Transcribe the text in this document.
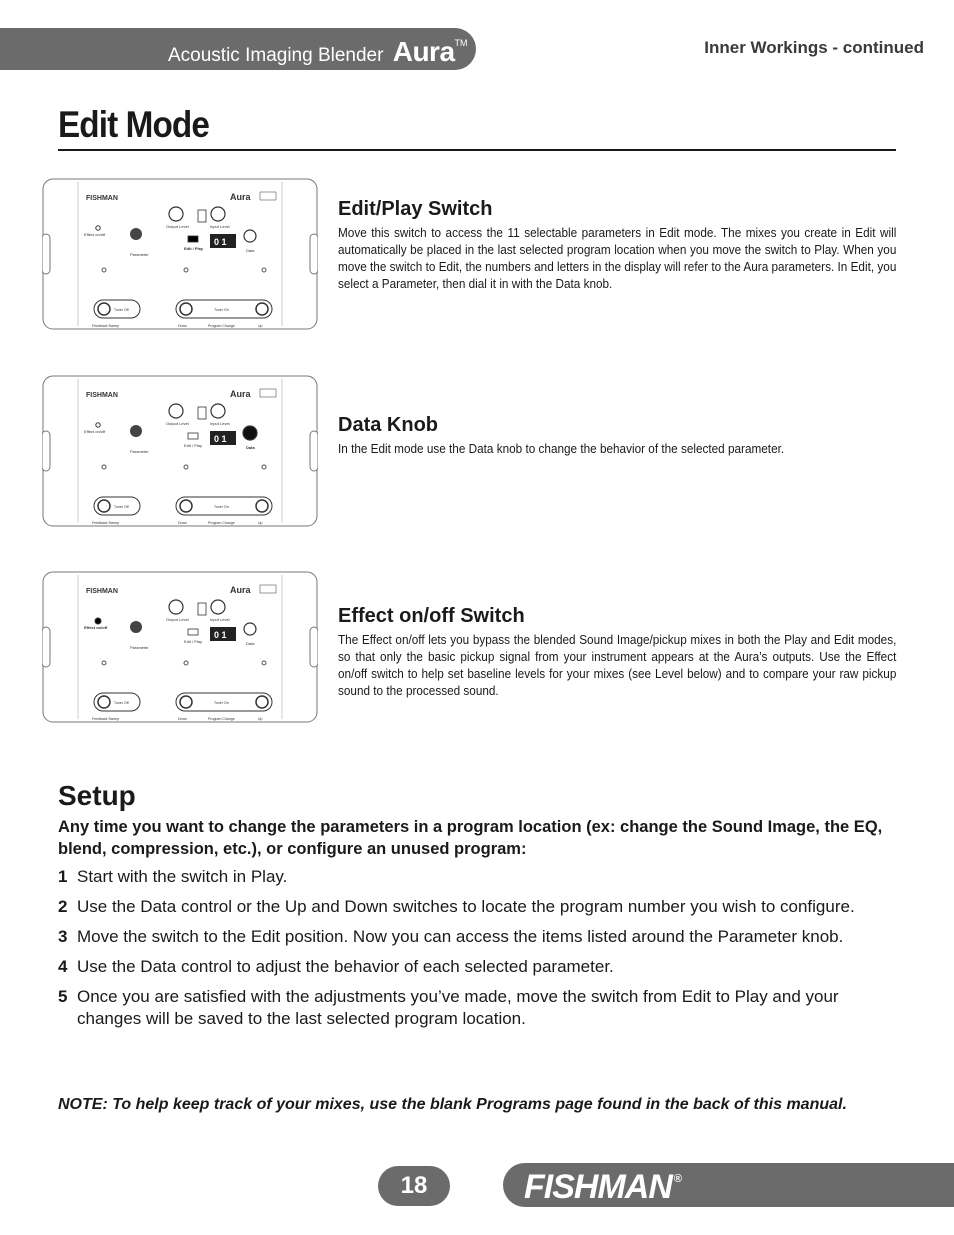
Acoustic Imaging Blender Aura™	Inner Workings - continued
Edit Mode
FISHMAN	Aura
Effect on/off
Parameter
Output Level
Edit / Play
0 1
Input Level
Data
Tuner Off	Tuner On
Feedback Sweep	Down	Program Change	Up
FISHMAN	Aura
Effect on/off
Parameter
Output Level
Edit / Play
0 1
Input Level
Data
Tuner Off	Tuner On
Feedback Sweep	Down	Program Change	Up
FISHMAN	Aura
Effect on/off
Parameter
Output Level
Edit / Play
0 1
Input Level
Data
Tuner Off	Tuner On
Feedback Sweep	Down	Program Change	Up
Edit/Play Switch

Move this switch to access the 11 selectable parameters in Edit mode. The mixes you create in Edit will automatically be placed in the last selected program location when you move the switch to Play. When you move the switch to Edit, the numbers and letters in the display will refer to the Aura parameters. In Edit, you select a Parameter, then dial it in with the Data knob.

Data Knob

In the Edit mode use the Data knob to change the behavior of the selected parameter.

Effect on/off Switch

The Effect on/off lets you bypass the blended Sound Image/pickup mixes in both the Play and Edit modes, so that only the basic pickup signal from your instrument appears at the Aura’s outputs. Use the Effect on/off switch to help set baseline levels for your mixes (see Level below) and to compare your raw pickup sound to the processed sound.

Setup
Any time you want to change the parameters in a program location (ex: change the Sound Image, the EQ, blend, compression, etc.), or configure an unused program:
1 Start with the switch in Play.
2 Use the Data control or the Up and Down switches to locate the program number you wish to configure.
3 Move the switch to the Edit position. Now you can access the items listed around the Parameter knob.
4 Use the Data control to adjust the behavior of each selected parameter.
5 Once you are satisfied with the adjustments you’ve made, move the switch from Edit to Play and your changes will be saved to the last selected program location.
NOTE: To help keep track of your mixes, use the blank Programs page found in the back of this manual.
18	FISHMAN ®
